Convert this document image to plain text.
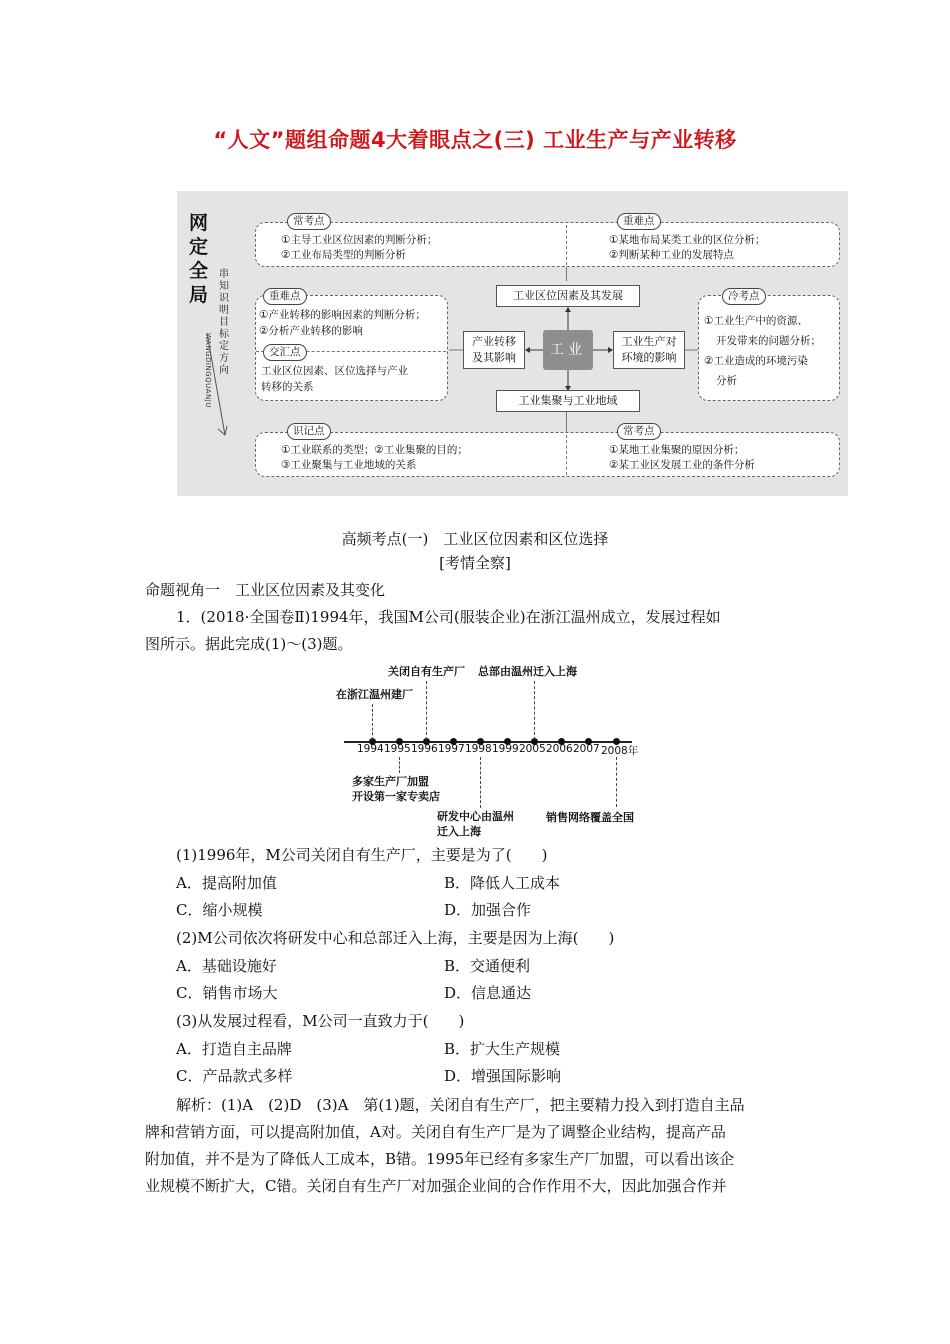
“人文”题组命题4大着眼点之(三) 工业生产与产业转移
网
定
全
局
串
知
识
明
目
标
定
方
向
WANGDINGQUANJU
常考点	重难点
①主导工业区位因素的判断分析；
②工业布局类型的判断分析
①某地布局某类工业的区位分析；
②判断某种工业的发展特点
重难点
①产业转移的影响因素的判断分析；
②分析产业转移的影响
交汇点
工业区位因素、区位选择与产业
转移的关系
冷考点
①工业生产中的资源、
开发带来的问题分析；
②工业造成的环境污染
分析
工业区位因素及其发展
工业集聚与工业地域
产业转移
及其影响
工业生产对
环境的影响
工业
识记点	常考点
①工业联系的类型；②工业集聚的目的；
③工业聚集与工业地域的关系
①某地工业集聚的原因分析；
②某工业区发展工业的条件分析
高频考点(一)　工业区位因素和区位选择
[考情全察]
命题视角一　工业区位因素及其变化
1．(2018·全国卷Ⅱ)1994年，我国M公司(服装企业)在浙江温州成立，发展过程如
图所示。据此完成(1)～(3)题。
1994 1995 1996 1997 1998 1999 2005 2006 2007 2008年
关闭自有生产厂 总部由温州迁入上海
在浙江温州建厂
多家生产厂加盟
开设第一家专卖店
研发中心由温州
迁入上海
销售网络覆盖全国
(1)1996年，M公司关闭自有生产厂，主要是为了(　　)
A．提高附加值	B．降低人工成本
C．缩小规模	D．加强合作
(2)M公司依次将研发中心和总部迁入上海，主要是因为上海(　　)
A．基础设施好	B．交通便利
C．销售市场大	D．信息通达
(3)从发展过程看，M公司一直致力于(　　)
A．打造自主品牌	B．扩大生产规模
C．产品款式多样	D．增强国际影响
解析：(1)A　(2)D　(3)A　第(1)题，关闭自有生产厂，把主要精力投入到打造自主品
牌和营销方面，可以提高附加值，A对。关闭自有生产厂是为了调整企业结构，提高产品
附加值，并不是为了降低人工成本，B错。1995年已经有多家生产厂加盟，可以看出该企
业规模不断扩大，C错。关闭自有生产厂对加强企业间的合作作用不大，因此加强合作并
